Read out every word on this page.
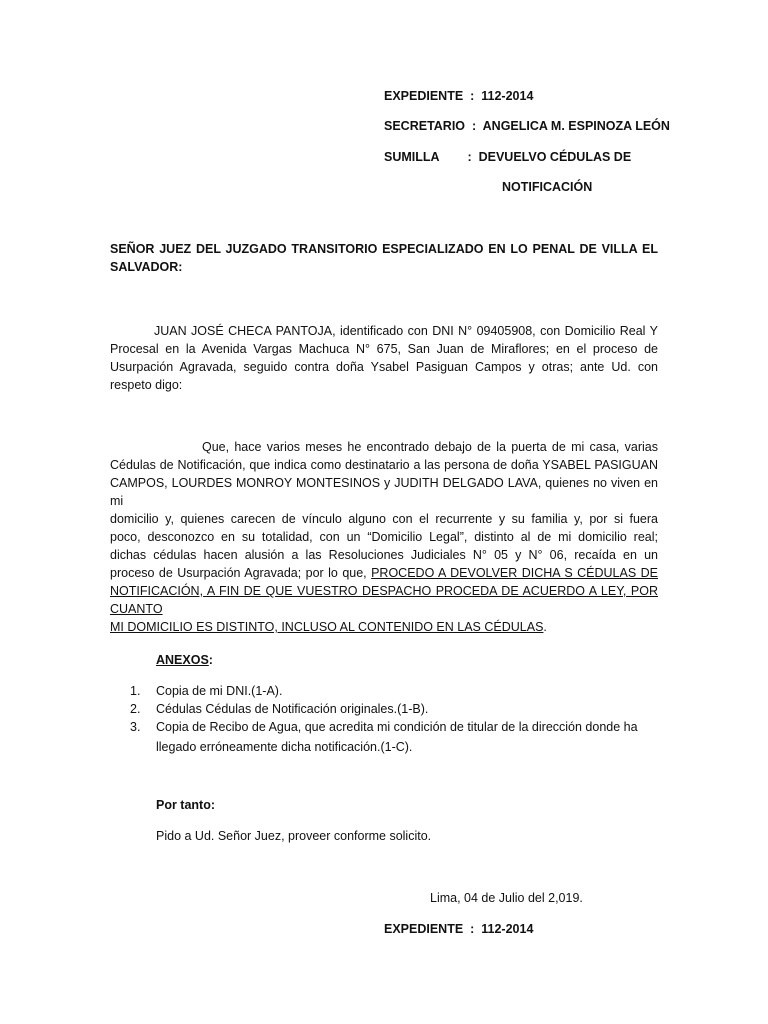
EXPEDIENTE  :  112-2014
SECRETARIO  :  ANGELICA M. ESPINOZA LEÓN
SUMILLA :  DEVUELVO CÉDULAS DE
NOTIFICACIÓN

SEÑOR JUEZ DEL JUZGADO TRANSITORIO ESPECIALIZADO EN LO PENAL DE VILLA EL

SALVADOR:

JUAN JOSÉ CHECA PANTOJA, identificado con DNI N° 09405908, con Domicilio Real Y

Procesal en la Avenida Vargas Machuca N° 675, San Juan de Miraflores; en el proceso de

Usurpación Agravada, seguido contra doña Ysabel Pasiguan Campos y otras; ante Ud. con

respeto digo:

Que, hace varios meses he encontrado debajo de la puerta de mi casa, varias

Cédulas de Notificación, que indica como destinatario a las persona de doña YSABEL PASIGUAN

CAMPOS, LOURDES MONROY MONTESINOS y JUDITH DELGADO LAVA, quienes no viven en mi

domicilio y, quienes carecen de vínculo alguno con el recurrente y su familia y, por si fuera

poco, desconozco en su totalidad, con un “Domicilio Legal”, distinto al de mi domicilio real;

dichas cédulas hacen alusión a las Resoluciones Judiciales N° 05 y N° 06, recaída en un

proceso de Usurpación Agravada; por lo que, PROCEDO A DEVOLVER DICHA S CÉDULAS DE

NOTIFICACIÓN, A FIN DE QUE VUESTRO DESPACHO PROCEDA DE ACUERDO A LEY, POR CUANTO

MI DOMICILIO ES DISTINTO, INCLUSO AL CONTENIDO EN LAS CÉDULAS.

ANEXOS:
1.	Copia de mi DNI.(1-A).
2.	Cédulas Cédulas de Notificación originales.(1-B).
3.	Copia de Recibo de Agua, que acredita mi condición de titular de la dirección donde ha
llegado erróneamente dicha notificación.(1-C).
Por tanto:
Pido a Ud. Señor Juez, proveer conforme solicito.
Lima, 04 de Julio del 2,019.
EXPEDIENTE  :  112-2014
